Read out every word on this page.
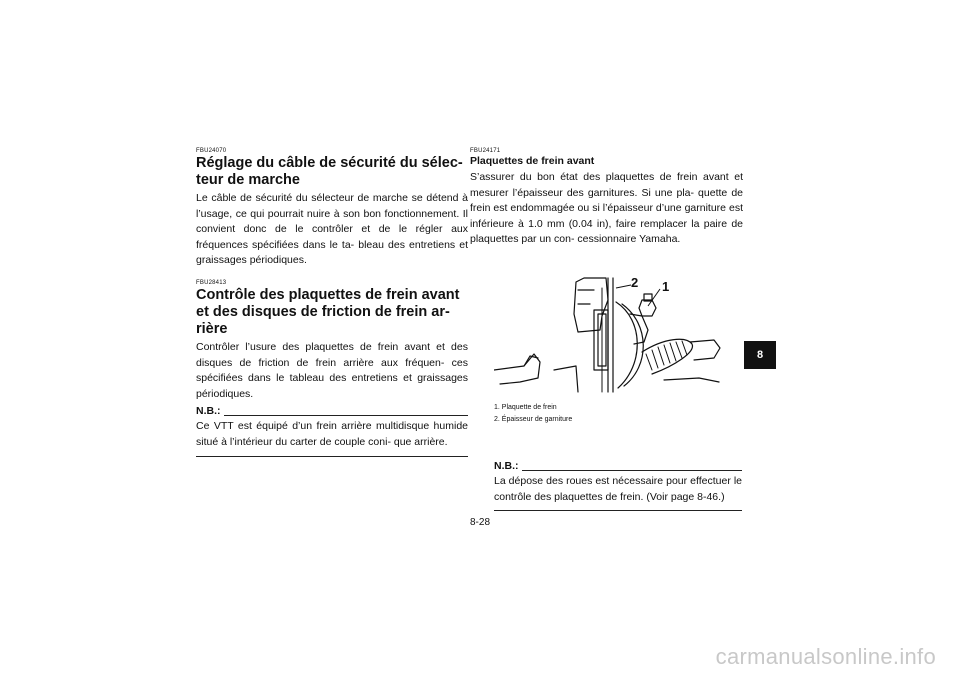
FBU24070
Réglage du câble de sécurité du sélec-
teur de marche

Le câble de sécurité du sélecteur de marche se détend à l’usage, ce qui pourrait nuire à son bon fonctionnement. Il convient donc de le contrôler et de le régler aux fréquences spécifiées dans le ta- bleau des entretiens et graissages périodiques.

FBU28413
Contrôle des plaquettes de frein avant
et des disques de friction de frein ar-
rière

Contrôler l’usure des plaquettes de frein avant et des disques de friction de frein arrière aux fréquen- ces spécifiées dans le tableau des entretiens et graissages périodiques.

N.B.:

Ce VTT est équipé d’un frein arrière multidisque humide situé à l’intérieur du carter de couple coni- que arrière.

FBU24171
Plaquettes de frein avant

S’assurer du bon état des plaquettes de frein avant et mesurer l’épaisseur des garnitures. Si une pla- quette de frein est endommagée ou si l’épaisseur d’une garniture est inférieure à 1.0 mm (0.04 in), faire remplacer la paire de plaquettes par un con- cessionnaire Yamaha.

2 1
1. Plaquette de frein
2. Épaisseur de garniture
N.B.:

La dépose des roues est nécessaire pour effectuer le contrôle des plaquettes de frein. (Voir page 8-46.)

8
8-28
carmanualsonline.info
